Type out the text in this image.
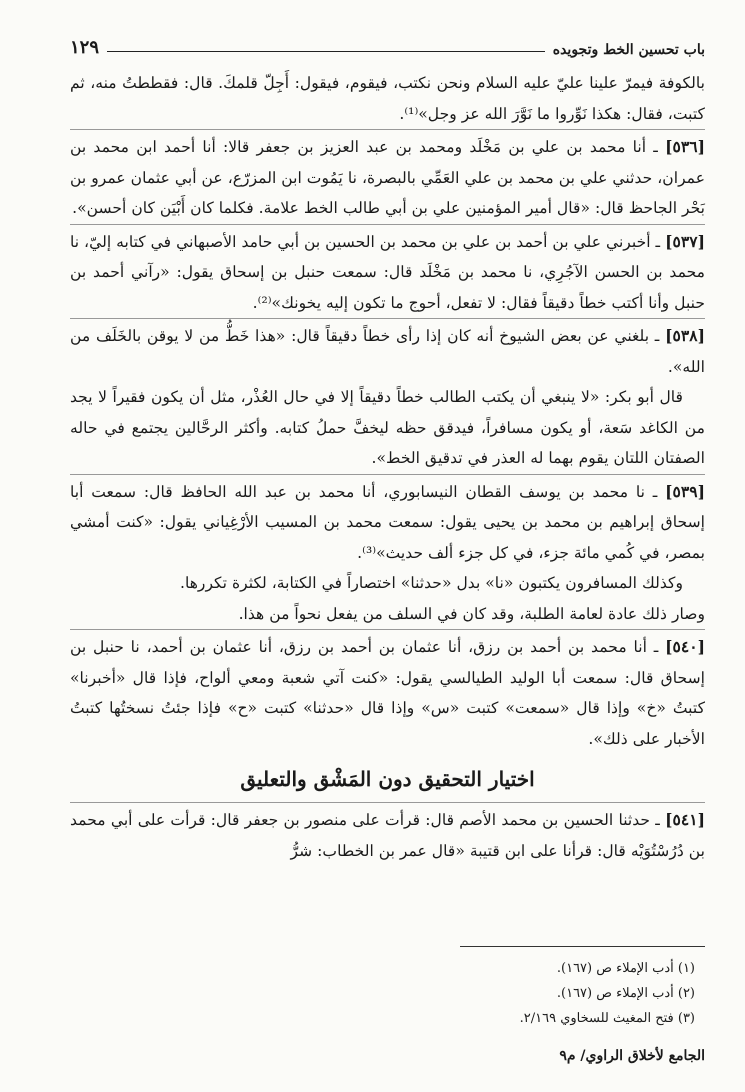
باب تحسين الخط وتجويده
١٢٩

بالكوفة فيمرّ علينا عليّ عليه السلام ونحن نكتب، فيقوم، فيقول: أَجِلّ قلمكَ. قال: فقططتُ منه، ثم كتبت، فقال: هكذا نَوِّروا ما نَوَّرَ الله عز وجل»⁽¹⁾.

[٥٣٦] ـ أنا محمد بن علي بن مَخْلَد ومحمد بن عبد العزيز بن جعفر قالا: أنا أحمد ابن محمد بن عمران، حدثني علي بن محمد بن علي العَمِّي بالبصرة، نا يَمُوت ابن المزرّع، عن أبي عثمان عمرو بن بَحْر الجاحظ قال: «قال أمير المؤمنين علي بن أبي طالب الخط علامة. فكلما كان أَبْيَن كان أحسن».

[٥٣٧] ـ أخبرني علي بن أحمد بن علي بن محمد بن الحسين بن أبي حامد الأصبهاني في كتابه إليّ، نا محمد بن الحسن الآجُرِي، نا محمد بن مَخْلَد قال: سمعت حنبل بن إسحاق يقول: «رآني أحمد بن حنبل وأنا أكتب خطاً دقيقاً فقال: لا تفعل، أحوج ما تكون إليه يخونك»⁽²⁾.

[٥٣٨] ـ بلغني عن بعض الشيوخ أنه كان إذا رأى خطاً دقيقاً قال: «هذا خَطُّ من لا يوقن بالخَلَف من الله».

قال أبو بكر: «لا ينبغي أن يكتب الطالب خطاً دقيقاً إلا في حال العُذْر، مثل أن يكون فقيراً لا يجد من الكاغد سَعة، أو يكون مسافراً، فيدقق حظه ليخفَّ حملُ كتابه. وأكثر الرحَّالين يجتمع في حاله الصفتان اللتان يقوم بهما له العذر في تدقيق الخط».

[٥٣٩] ـ نا محمد بن يوسف القطان النيسابوري، أنا محمد بن عبد الله الحافظ قال: سمعت أبا إسحاق إبراهيم بن محمد بن يحيى يقول: سمعت محمد بن المسيب الأرْغِياني يقول: «كنت أمشي بمصر، في كُمي مائة جزء، في كل جزء ألف حديث»⁽³⁾.

وكذلك المسافرون يكتبون «نا» بدل «حدثنا» اختصاراً في الكتابة، لكثرة تكررها.

وصار ذلك عادة لعامة الطلبة، وقد كان في السلف من يفعل نحواً من هذا.

[٥٤٠] ـ أنا محمد بن أحمد بن رزق، أنا عثمان بن أحمد بن رزق، أنا عثمان بن أحمد، نا حنبل بن إسحاق قال: سمعت أبا الوليد الطيالسي يقول: «كنت آتي شعبة ومعي ألواح، فإذا قال «أخبرنا» كتبتُ «خ» وإذا قال «سمعت» كتبت «س» وإذا قال «حدثنا» كتبت «ح» فإذا جئتُ نسختُها كتبتُ الأخبار على ذلك».

اختيار التحقيق دون المَشْق والتعليق

[٥٤١] ـ حدثنا الحسين بن محمد الأصم قال: قرأت على منصور بن جعفر قال: قرأت على أبي محمد بن دُرُسْتُوَيْه قال: قرأنا على ابن قتيبة «قال عمر بن الخطاب: شرُّ

(١) أدب الإملاء ص (١٦٧).
(٢) أدب الإملاء ص (١٦٧).
(٣) فتح المغيث للسخاوي ٢/١٦٩.
الجامع لأخلاق الراوي/ م٩
